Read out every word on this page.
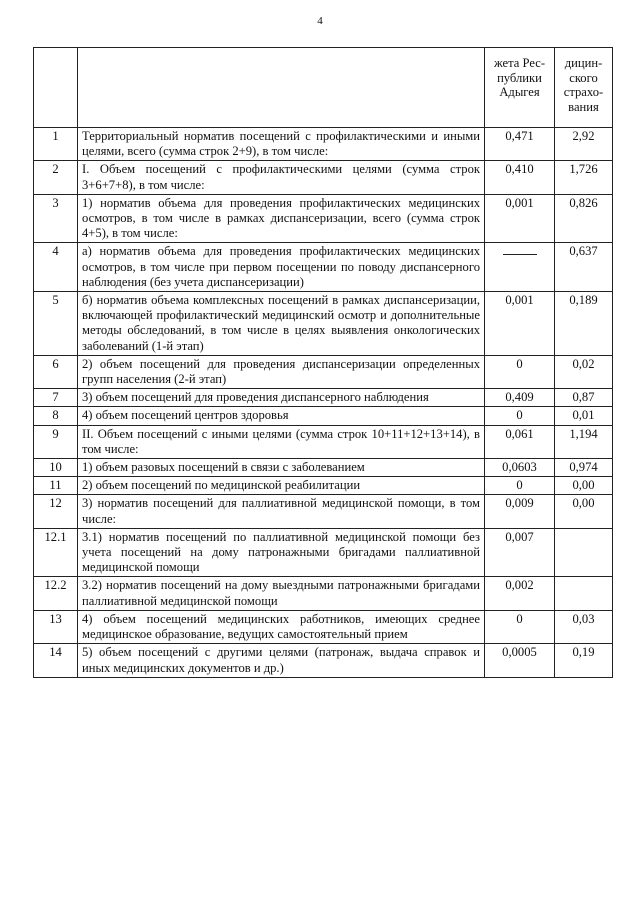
4
		жета Рес-
публики
Адыгея	дицин-
ского
страхо-
вания
1	Территориальный норматив посещений с профилактическими и иными целями, всего (сумма строк 2+9), в том числе:	0,471	2,92
2	I. Объем посещений с профилактическими целями (сумма строк 3+6+7+8), в том числе:	0,410	1,726
3	1) норматив объема для проведения профилактических медицинских осмотров, в том числе в рамках диспансеризации, всего (сумма строк 4+5), в том числе:	0,001	0,826
4	а) норматив объема для проведения профилактических медицинских осмотров, в том числе при первом посещении по поводу диспансерного наблюдения (без учета диспансеризации)		0,637
5	б) норматив объема комплексных посещений в рамках диспансеризации, включающей профилактический медицинский осмотр и дополнительные методы обследований, в том числе в целях выявления онкологических заболеваний (1-й этап)	0,001	0,189
6	2) объем посещений для проведения диспансеризации определенных групп населения (2-й этап)	0	0,02
7	3) объем посещений для проведения диспансерного наблюдения	0,409	0,87
8	4) объем посещений центров здоровья	0	0,01
9	II. Объем посещений с иными целями (сумма строк 10+11+12+13+14), в том числе:	0,061	1,194
10	1) объем разовых посещений в связи с заболеванием	0,0603	0,974
11	2) объем посещений по медицинской реабилитации	0	0,00
12	3) норматив посещений для паллиативной медицинской помощи, в том числе:	0,009	0,00
12.1	3.1) норматив посещений по паллиативной медицинской помощи без учета посещений на дому патронажными бригадами паллиативной медицинской помощи	0,007	
12.2	3.2) норматив посещений на дому выездными патронажными бригадами паллиативной медицинской помощи	0,002	
13	4) объем посещений медицинских работников, имеющих среднее медицинское образование, ведущих самостоятельный прием	0	0,03
14	5) объем посещений с другими целями (патронаж, выдача справок и иных медицинских документов и др.)	0,0005	0,19
